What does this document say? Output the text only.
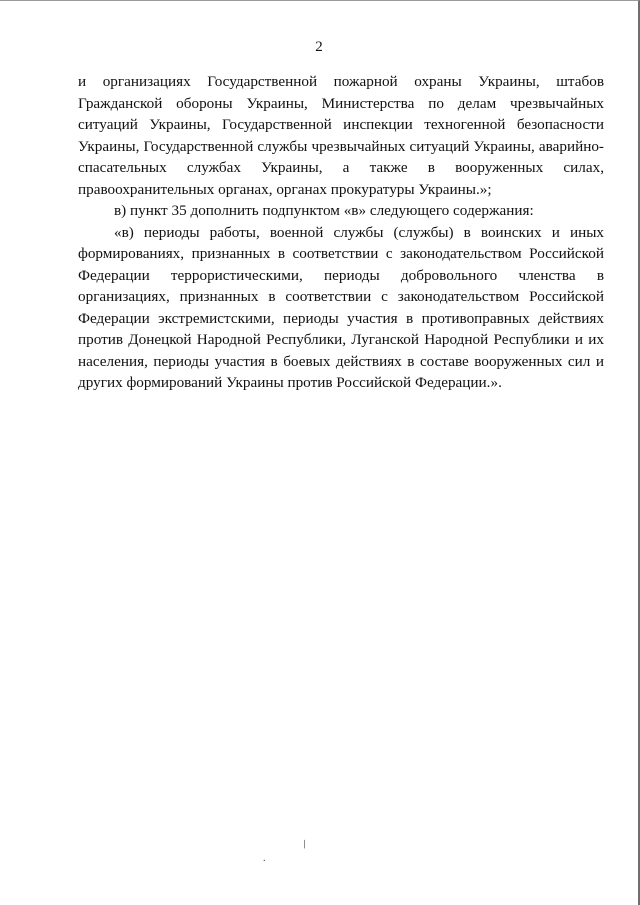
2

и организациях Государственной пожарной охраны Украины, штабов Гражданской обороны Украины, Министерства по делам чрезвычайных ситуаций Украины, Государственной инспекции техногенной безопасности Украины, Государственной службы чрезвычайных ситуаций Украины, аварийно-спасательных службах Украины, а также в вооруженных силах, правоохранительных органах, органах прокуратуры Украины.»;

в) пункт 35 дополнить подпунктом «в» следующего содержания:

«в) периоды работы, военной службы (службы) в воинских и иных формированиях, признанных в соответствии с законодательством Российской Федерации террористическими, периоды добровольного членства в организациях, признанных в соответствии с законодательством Российской Федерации экстремистскими, периоды участия в противоправных действиях против Донецкой Народной Республики, Луганской Народной Республики и их населения, периоды участия в боевых действиях в составе вооруженных сил и других формирований Украины против Российской Федерации.».

/
.
